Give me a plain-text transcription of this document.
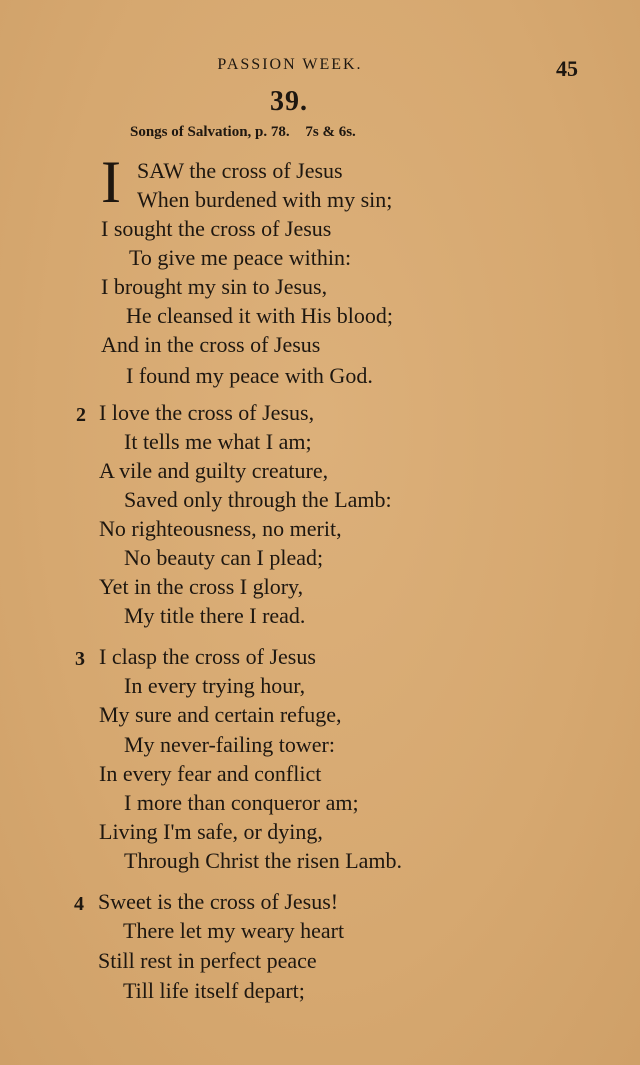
PASSION WEEK.	45
39.
Songs of Salvation, p. 78. 7s & 6s.
I SAW the cross of Jesus
When burdened with my sin;
I sought the cross of Jesus
To give me peace within:
I brought my sin to Jesus,
He cleansed it with His blood;
And in the cross of Jesus
I found my peace with God.
2 I love the cross of Jesus,
It tells me what I am;
A vile and guilty creature,
Saved only through the Lamb:
No righteousness, no merit,
No beauty can I plead;
Yet in the cross I glory,
My title there I read.
3 I clasp the cross of Jesus
In every trying hour,
My sure and certain refuge,
My never-failing tower:
In every fear and conflict
I more than conqueror am;
Living I'm safe, or dying,
Through Christ the risen Lamb.
4 Sweet is the cross of Jesus!
There let my weary heart
Still rest in perfect peace
Till life itself depart;
